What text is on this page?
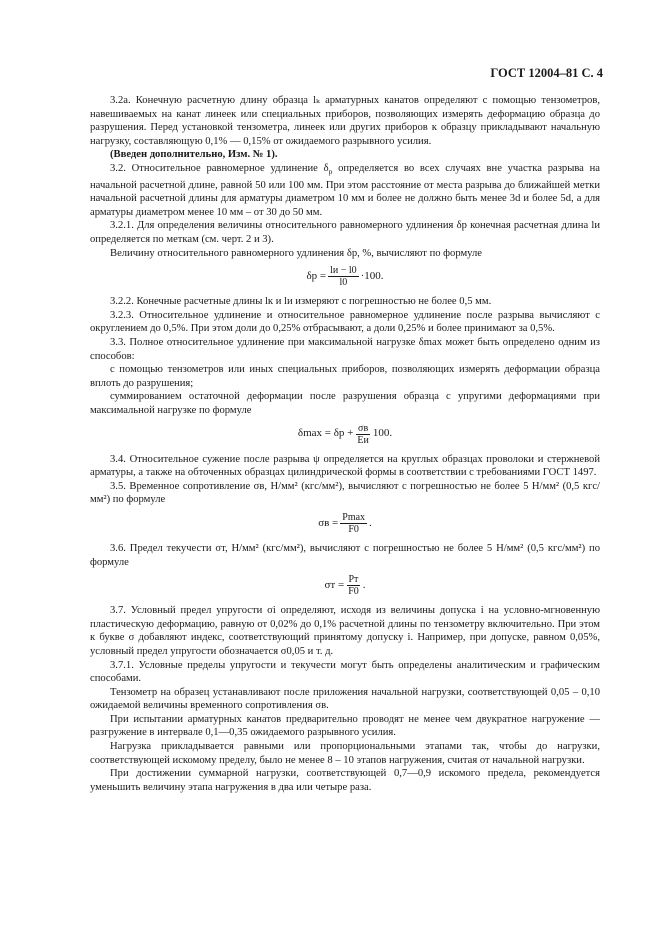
ГОСТ 12004–81 С. 4

3.2а. Конечную расчетную длину образца lₖ арматурных канатов определяют с помощью тензометров, навешиваемых на канат линеек или специальных приборов, позволяющих измерять деформацию образца до разрушения. Перед установкой тензометра, линеек или других приборов к образцу прикладывают начальную нагрузку, составляющую 0,1% — 0,15% от ожидаемого разрывного усилия.

(Введен дополнительно, Изм. № 1).

3.2. Относительное равномерное удлинение $\delta_р$ определяется во всех случаях вне участка разрыва на начальной расчетной длине, равной 50 или 100 мм. При этом расстояние от места разрыва до ближайшей метки начальной расчетной длины для арматуры диаметром 10 мм и более не должно быть менее 3d и более 5d, а для арматуры диаметром менее 10 мм – от 30 до 50 мм.

3.2.1. Для определения величины относительного равномерного удлинения δр конечная расчетная длина lи определяется по меткам (см. черт. 2 и 3).

Величину относительного равномерного удлинения δр, %, вычисляют по формуле

$\delta р = \frac{lи - l0}{l0} \cdot 100$.

3.2.2. Конечные расчетные длины lк и lи измеряют с погрешностью не более 0,5 мм.

3.2.3. Относительное удлинение и относительное равномерное удлинение после разрыва вычисляют с округлением до 0,5%. При этом доли до 0,25% отбрасывают, а доли 0,25% и более принимают за 0,5%.

3.3. Полное относительное удлинение при максимальной нагрузке δmax может быть определено одним из способов:

с помощью тензометров или иных специальных приборов, позволяющих измерять деформации образца вплоть до разрушения;

суммированием остаточной деформации после разрушения образца с упругими деформациями при максимальной нагрузке по формуле

$\delta\max = \delta р + \frac{\sigma в}{Eи} 100$.

3.4. Относительное сужение после разрыва ψ определяется на круглых образцах проволоки и стержневой арматуры, а также на обточенных образцах цилиндрической формы в соответствии с требованиями ГОСТ 1497.

3.5. Временное сопротивление σв, Н/мм² (кгс/мм²), вычисляют с погрешностью не более 5 Н/мм² (0,5 кгс/мм²) по формуле

$\sigma в = \frac{Pmax}{F0}$ .

3.6. Предел текучести σт, Н/мм² (кгс/мм²), вычисляют с погрешностью не более 5 Н/мм² (0,5 кгс/мм²) по формуле

$\sigma т = \frac{Pт}{F0}$ .

3.7. Условный предел упругости σi определяют, исходя из величины допуска i на условно-мгновенную пластическую деформацию, равную от 0,02% до 0,1% расчетной длины по тензометру включительно. При этом к букве σ добавляют индекс, соответствующий принятому допуску i. Например, при допуске, равном 0,05%, условный предел упругости обозначается σ0,05 и т. д.

3.7.1. Условные пределы упругости и текучести могут быть определены аналитическим и графическим способами.

Тензометр на образец устанавливают после приложения начальной нагрузки, соответствующей 0,05 – 0,10 ожидаемой величины временного сопротивления σв.

При испытании арматурных канатов предварительно проводят не менее чем двукратное нагружение — разгружение в интервале 0,1—0,35 ожидаемого разрывного усилия.

Нагрузка прикладывается равными или пропорциональными этапами так, чтобы до нагрузки, соответствующей искомому пределу, было не менее 8 – 10 этапов нагружения, считая от начальной нагрузки.

При достижении суммарной нагрузки, соответствующей 0,7—0,9 искомого предела, рекомендуется уменьшить величину этапа нагружения в два или четыре раза.
